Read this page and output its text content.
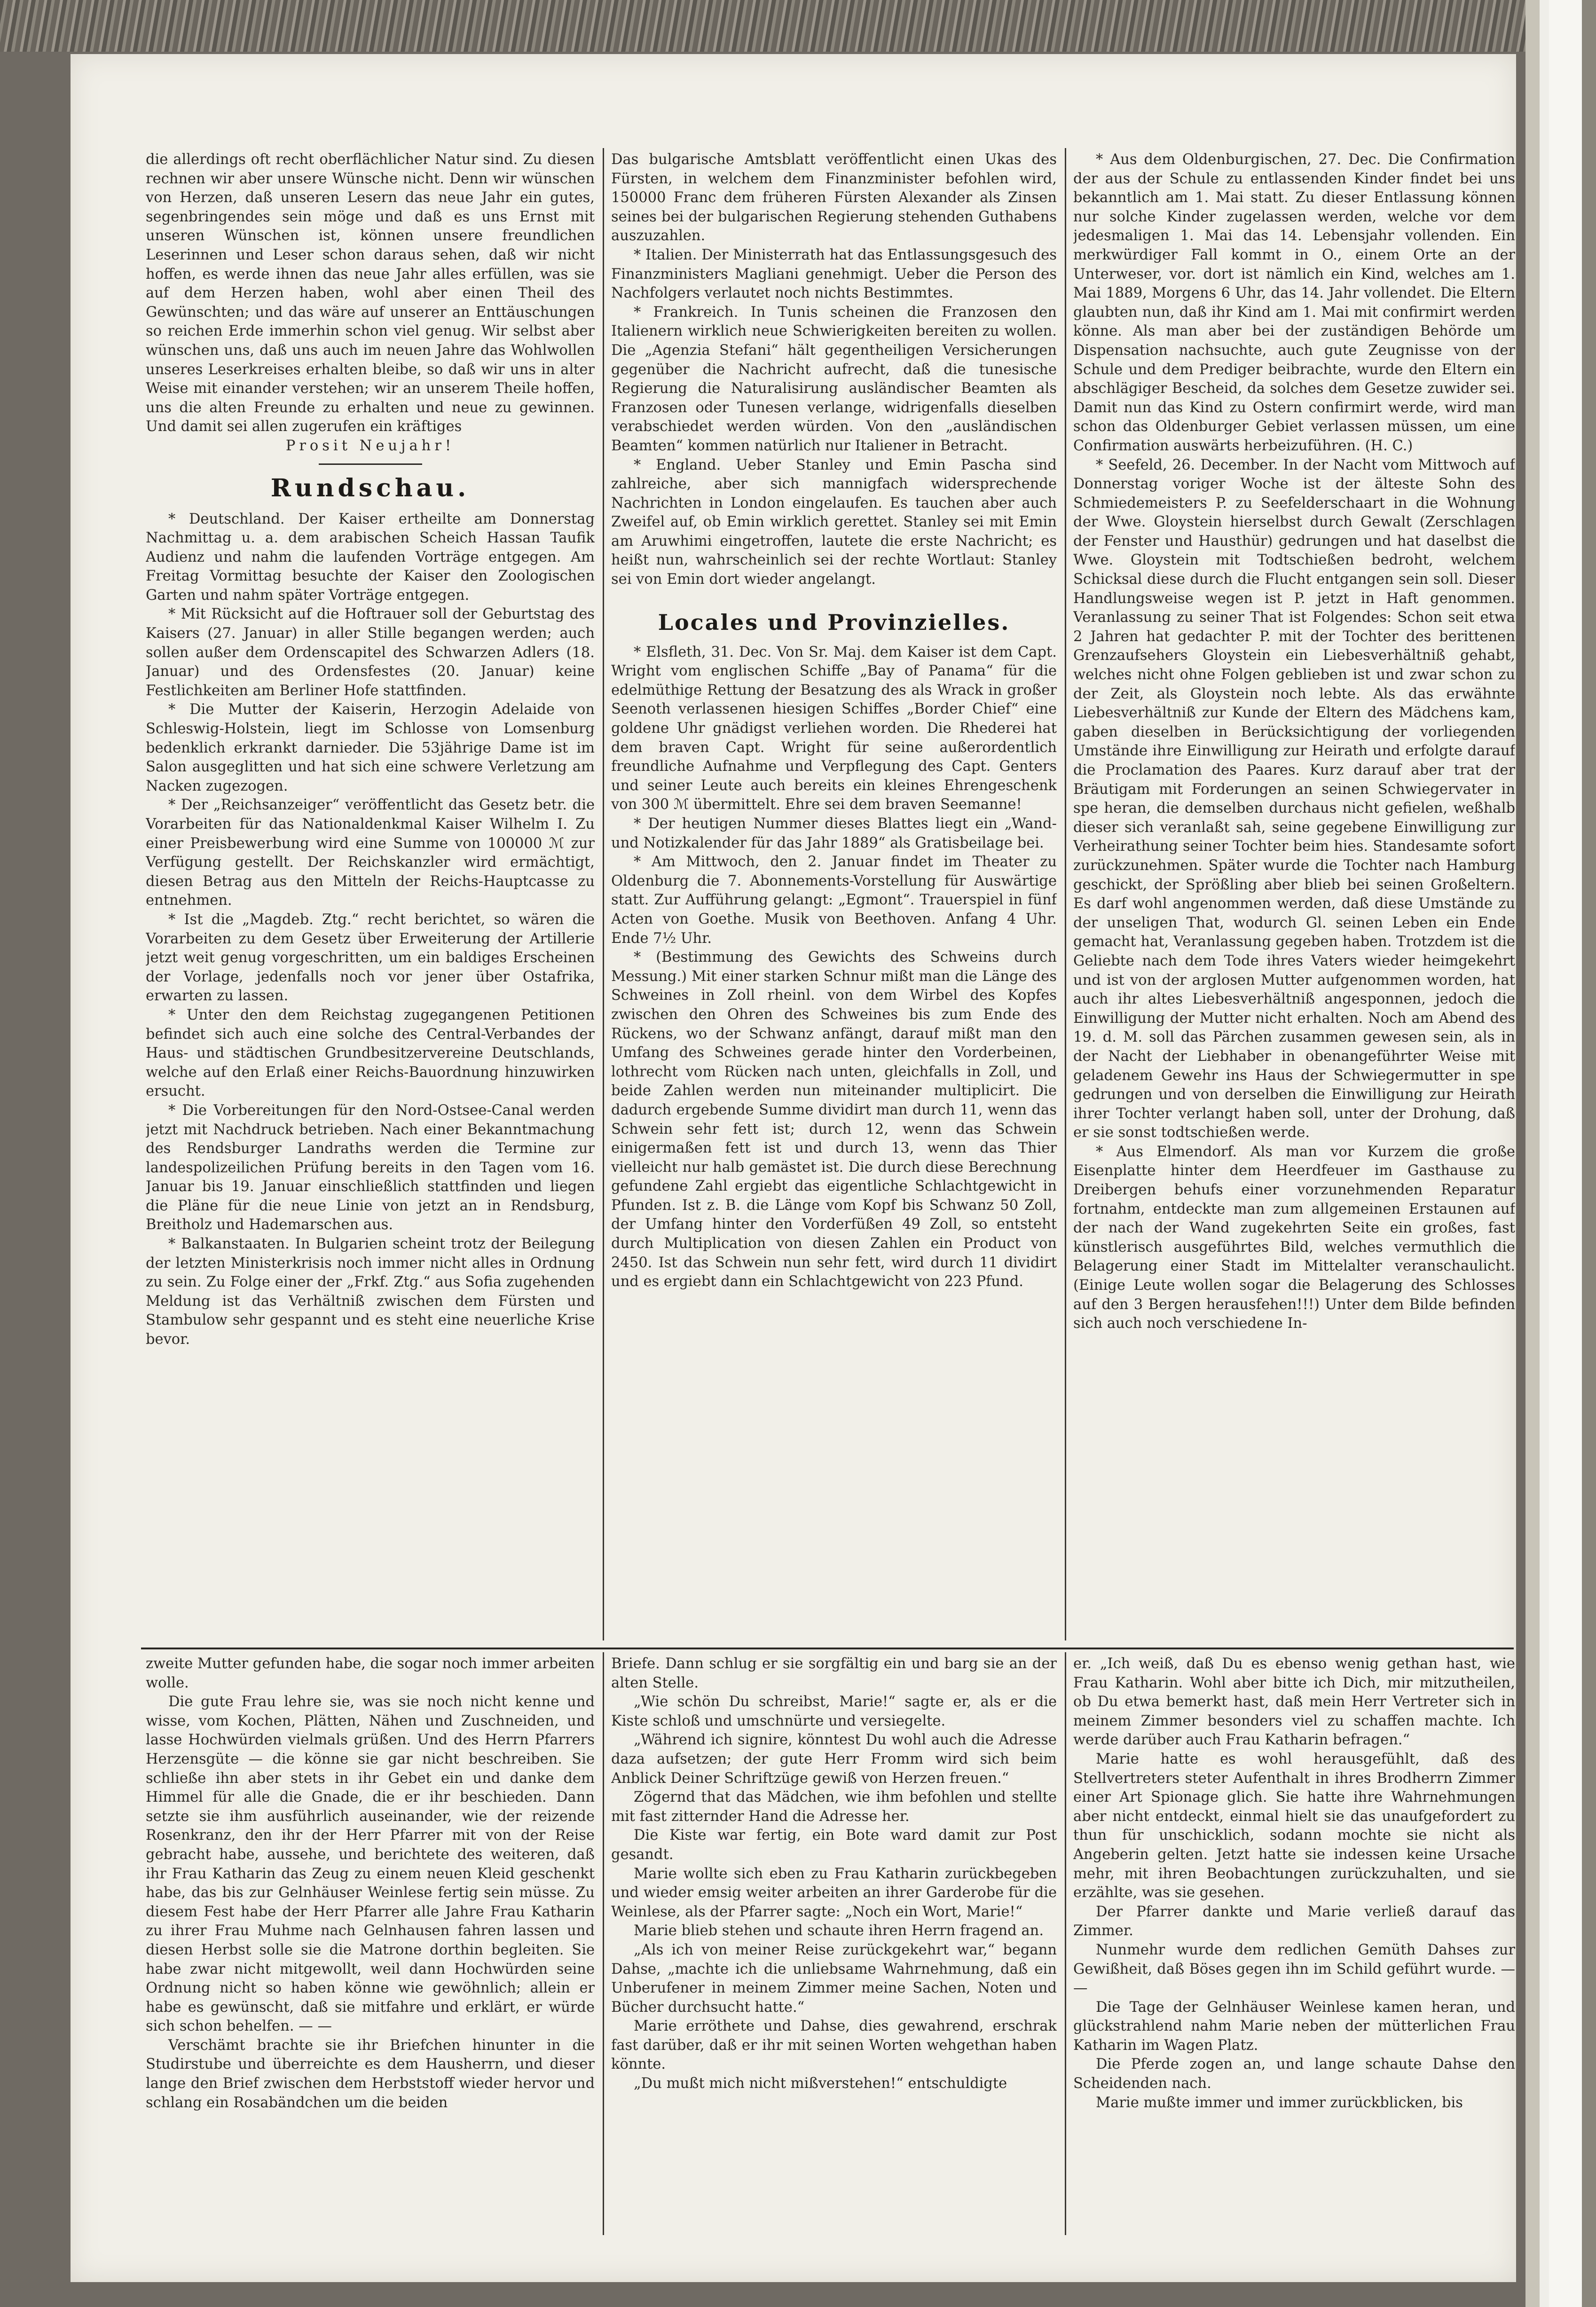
die allerdings oft recht oberflächlicher Natur sind. Zu diesen rechnen wir aber unsere Wünsche nicht. Denn wir wünschen von Herzen, daß unseren Lesern das neue Jahr ein gutes, segenbringendes sein möge und daß es uns Ernst mit unseren Wünschen ist, können unsere freundlichen Leserinnen und Leser schon daraus sehen, daß wir nicht hoffen, es werde ihnen das neue Jahr alles erfüllen, was sie auf dem Herzen haben, wohl aber einen Theil des Gewünschten; und das wäre auf unserer an Enttäuschungen so reichen Erde immerhin schon viel genug. Wir selbst aber wünschen uns, daß uns auch im neuen Jahre das Wohlwollen unseres Leserkreises erhalten bleibe, so daß wir uns in alter Weise mit einander verstehen; wir an unserem Theile hoffen, uns die alten Freunde zu erhalten und neue zu gewinnen. Und damit sei allen zugerufen ein kräftiges

Prosit Neujahr!

Rundschau.

* Deutschland. Der Kaiser ertheilte am Donnerstag Nachmittag u. a. dem arabischen Scheich Hassan Taufik Audienz und nahm die laufenden Vorträge entgegen. Am Freitag Vormittag besuchte der Kaiser den Zoologischen Garten und nahm später Vorträge entgegen.

* Mit Rücksicht auf die Hoftrauer soll der Geburtstag des Kaisers (27. Januar) in aller Stille begangen werden; auch sollen außer dem Ordenscapitel des Schwarzen Adlers (18. Januar) und des Ordensfestes (20. Januar) keine Festlichkeiten am Berliner Hofe stattfinden.

* Die Mutter der Kaiserin, Herzogin Adelaide von Schleswig-Holstein, liegt im Schlosse von Lomsenburg bedenklich erkrankt darnieder. Die 53jährige Dame ist im Salon ausgeglitten und hat sich eine schwere Verletzung am Nacken zugezogen.

* Der „Reichsanzeiger“ veröffentlicht das Gesetz betr. die Vorarbeiten für das Nationaldenkmal Kaiser Wilhelm I. Zu einer Preisbewerbung wird eine Summe von 100000 ℳ zur Verfügung gestellt. Der Reichskanzler wird ermächtigt, diesen Betrag aus den Mitteln der Reichs-Hauptcasse zu entnehmen.

* Ist die „Magdeb. Ztg.“ recht berichtet, so wären die Vorarbeiten zu dem Gesetz über Erweiterung der Artillerie jetzt weit genug vorgeschritten, um ein baldiges Erscheinen der Vorlage, jedenfalls noch vor jener über Ostafrika, erwarten zu lassen.

* Unter den dem Reichstag zugegangenen Petitionen befindet sich auch eine solche des Central-Verbandes der Haus- und städtischen Grundbesitzervereine Deutschlands, welche auf den Erlaß einer Reichs-Bauordnung hinzuwirken ersucht.

* Die Vorbereitungen für den Nord-Ostsee-Canal werden jetzt mit Nachdruck betrieben. Nach einer Bekanntmachung des Rendsburger Landraths werden die Termine zur landespolizeilichen Prüfung bereits in den Tagen vom 16. Januar bis 19. Januar einschließlich stattfinden und liegen die Pläne für die neue Linie von jetzt an in Rendsburg, Breitholz und Hademarschen aus.

* Balkanstaaten. In Bulgarien scheint trotz der Beilegung der letzten Ministerkrisis noch immer nicht alles in Ordnung zu sein. Zu Folge einer der „Frkf. Ztg.“ aus Sofia zugehenden Meldung ist das Verhältniß zwischen dem Fürsten und Stambulow sehr gespannt und es steht eine neuerliche Krise bevor.

Das bulgarische Amtsblatt veröffentlicht einen Ukas des Fürsten, in welchem dem Finanzminister befohlen wird, 150000 Franc dem früheren Fürsten Alexander als Zinsen seines bei der bulgarischen Regierung stehenden Guthabens auszuzahlen.

* Italien. Der Ministerrath hat das Entlassungsgesuch des Finanzministers Magliani genehmigt. Ueber die Person des Nachfolgers verlautet noch nichts Bestimmtes.

* Frankreich. In Tunis scheinen die Franzosen den Italienern wirklich neue Schwierigkeiten bereiten zu wollen. Die „Agenzia Stefani“ hält gegentheiligen Versicherungen gegenüber die Nachricht aufrecht, daß die tunesische Regierung die Naturalisirung ausländischer Beamten als Franzosen oder Tunesen verlange, widrigenfalls dieselben verabschiedet werden würden. Von den „ausländischen Beamten“ kommen natürlich nur Italiener in Betracht.

* England. Ueber Stanley und Emin Pascha sind zahlreiche, aber sich mannigfach widersprechende Nachrichten in London eingelaufen. Es tauchen aber auch Zweifel auf, ob Emin wirklich gerettet. Stanley sei mit Emin am Aruwhimi eingetroffen, lautete die erste Nachricht; es heißt nun, wahrscheinlich sei der rechte Wortlaut: Stanley sei von Emin dort wieder angelangt.

Locales und Provinzielles.

* Elsfleth, 31. Dec. Von Sr. Maj. dem Kaiser ist dem Capt. Wright vom englischen Schiffe „Bay of Panama“ für die edelmüthige Rettung der Besatzung des als Wrack in großer Seenoth verlassenen hiesigen Schiffes „Border Chief“ eine goldene Uhr gnädigst verliehen worden. Die Rhederei hat dem braven Capt. Wright für seine außerordentlich freundliche Aufnahme und Verpflegung des Capt. Genters und seiner Leute auch bereits ein kleines Ehrengeschenk von 300 ℳ übermittelt. Ehre sei dem braven Seemanne!

* Der heutigen Nummer dieses Blattes liegt ein „Wand- und Notizkalender für das Jahr 1889“ als Gratisbeilage bei.

* Am Mittwoch, den 2. Januar findet im Theater zu Oldenburg die 7. Abonnements-Vorstellung für Auswärtige statt. Zur Aufführung gelangt: „Egmont“. Trauerspiel in fünf Acten von Goethe. Musik von Beethoven. Anfang 4 Uhr. Ende 7½ Uhr.

* (Bestimmung des Gewichts des Schweins durch Messung.) Mit einer starken Schnur mißt man die Länge des Schweines in Zoll rheinl. von dem Wirbel des Kopfes zwischen den Ohren des Schweines bis zum Ende des Rückens, wo der Schwanz anfängt, darauf mißt man den Umfang des Schweines gerade hinter den Vorderbeinen, lothrecht vom Rücken nach unten, gleichfalls in Zoll, und beide Zahlen werden nun miteinander multiplicirt. Die dadurch ergebende Summe dividirt man durch 11, wenn das Schwein sehr fett ist; durch 12, wenn das Schwein einigermaßen fett ist und durch 13, wenn das Thier vielleicht nur halb gemästet ist. Die durch diese Berechnung gefundene Zahl ergiebt das eigentliche Schlachtgewicht in Pfunden. Ist z. B. die Länge vom Kopf bis Schwanz 50 Zoll, der Umfang hinter den Vorderfüßen 49 Zoll, so entsteht durch Multiplication von diesen Zahlen ein Product von 2450. Ist das Schwein nun sehr fett, wird durch 11 dividirt und es ergiebt dann ein Schlachtgewicht von 223 Pfund.

* Aus dem Oldenburgischen, 27. Dec. Die Confirmation der aus der Schule zu entlassenden Kinder findet bei uns bekanntlich am 1. Mai statt. Zu dieser Entlassung können nur solche Kinder zugelassen werden, welche vor dem jedesmaligen 1. Mai das 14. Lebensjahr vollenden. Ein merkwürdiger Fall kommt in O., einem Orte an der Unterweser, vor. dort ist nämlich ein Kind, welches am 1. Mai 1889, Morgens 6 Uhr, das 14. Jahr vollendet. Die Eltern glaubten nun, daß ihr Kind am 1. Mai mit confirmirt werden könne. Als man aber bei der zuständigen Behörde um Dispensation nachsuchte, auch gute Zeugnisse von der Schule und dem Prediger beibrachte, wurde den Eltern ein abschlägiger Bescheid, da solches dem Gesetze zuwider sei. Damit nun das Kind zu Ostern confirmirt werde, wird man schon das Oldenburger Gebiet verlassen müssen, um eine Confirmation auswärts herbeizuführen. (H. C.)

* Seefeld, 26. December. In der Nacht vom Mittwoch auf Donnerstag voriger Woche ist der älteste Sohn des Schmiedemeisters P. zu Seefelderschaart in die Wohnung der Wwe. Gloystein hierselbst durch Gewalt (Zerschlagen der Fenster und Hausthür) gedrungen und hat daselbst die Wwe. Gloystein mit Todtschießen bedroht, welchem Schicksal diese durch die Flucht entgangen sein soll. Dieser Handlungsweise wegen ist P. jetzt in Haft genommen. Veranlassung zu seiner That ist Folgendes: Schon seit etwa 2 Jahren hat gedachter P. mit der Tochter des berittenen Grenzaufsehers Gloystein ein Liebesverhältniß gehabt, welches nicht ohne Folgen geblieben ist und zwar schon zu der Zeit, als Gloystein noch lebte. Als das erwähnte Liebesverhältniß zur Kunde der Eltern des Mädchens kam, gaben dieselben in Berücksichtigung der vorliegenden Umstände ihre Einwilligung zur Heirath und erfolgte darauf die Proclamation des Paares. Kurz darauf aber trat der Bräutigam mit Forderungen an seinen Schwiegervater in spe heran, die demselben durchaus nicht gefielen, weßhalb dieser sich veranlaßt sah, seine gegebene Einwilligung zur Verheirathung seiner Tochter beim hies. Standesamte sofort zurückzunehmen. Später wurde die Tochter nach Hamburg geschickt, der Sprößling aber blieb bei seinen Großeltern. Es darf wohl angenommen werden, daß diese Umstände zu der unseligen That, wodurch Gl. seinen Leben ein Ende gemacht hat, Veranlassung gegeben haben. Trotzdem ist die Geliebte nach dem Tode ihres Vaters wieder heimgekehrt und ist von der arglosen Mutter aufgenommen worden, hat auch ihr altes Liebesverhältniß angesponnen, jedoch die Einwilligung der Mutter nicht erhalten. Noch am Abend des 19. d. M. soll das Pärchen zusammen gewesen sein, als in der Nacht der Liebhaber in obenangeführter Weise mit geladenem Gewehr ins Haus der Schwiegermutter in spe gedrungen und von derselben die Einwilligung zur Heirath ihrer Tochter verlangt haben soll, unter der Drohung, daß er sie sonst todtschießen werde.

* Aus Elmendorf. Als man vor Kurzem die große Eisenplatte hinter dem Heerdfeuer im Gasthause zu Dreibergen behufs einer vorzunehmenden Reparatur fortnahm, entdeckte man zum allgemeinen Erstaunen auf der nach der Wand zugekehrten Seite ein großes, fast künstlerisch ausgeführtes Bild, welches vermuthlich die Belagerung einer Stadt im Mittelalter veranschaulicht. (Einige Leute wollen sogar die Belagerung des Schlosses auf den 3 Bergen herausfehen!!!) Unter dem Bilde befinden sich auch noch verschiedene In-

zweite Mutter gefunden habe, die sogar noch immer arbeiten wolle.

Die gute Frau lehre sie, was sie noch nicht kenne und wisse, vom Kochen, Plätten, Nähen und Zuschneiden, und lasse Hochwürden vielmals grüßen. Und des Herrn Pfarrers Herzensgüte — die könne sie gar nicht beschreiben. Sie schließe ihn aber stets in ihr Gebet ein und danke dem Himmel für alle die Gnade, die er ihr beschieden. Dann setzte sie ihm ausführlich auseinander, wie der reizende Rosenkranz, den ihr der Herr Pfarrer mit von der Reise gebracht habe, aussehe, und berichtete des weiteren, daß ihr Frau Katharin das Zeug zu einem neuen Kleid geschenkt habe, das bis zur Gelnhäuser Weinlese fertig sein müsse. Zu diesem Fest habe der Herr Pfarrer alle Jahre Frau Katharin zu ihrer Frau Muhme nach Gelnhausen fahren lassen und diesen Herbst solle sie die Matrone dorthin begleiten. Sie habe zwar nicht mitgewollt, weil dann Hochwürden seine Ordnung nicht so haben könne wie gewöhnlich; allein er habe es gewünscht, daß sie mitfahre und erklärt, er würde sich schon behelfen. — —

Verschämt brachte sie ihr Briefchen hinunter in die Studirstube und überreichte es dem Hausherrn, und dieser lange den Brief zwischen dem Herbststoff wieder hervor und schlang ein Rosabändchen um die beiden

Briefe. Dann schlug er sie sorgfältig ein und barg sie an der alten Stelle.

„Wie schön Du schreibst, Marie!“ sagte er, als er die Kiste schloß und umschnürte und versiegelte.

„Während ich signire, könntest Du wohl auch die Adresse daza aufsetzen; der gute Herr Fromm wird sich beim Anblick Deiner Schriftzüge gewiß von Herzen freuen.“

Zögernd that das Mädchen, wie ihm befohlen und stellte mit fast zitternder Hand die Adresse her.

Die Kiste war fertig, ein Bote ward damit zur Post gesandt.

Marie wollte sich eben zu Frau Katharin zurückbegeben und wieder emsig weiter arbeiten an ihrer Garderobe für die Weinlese, als der Pfarrer sagte: „Noch ein Wort, Marie!“

Marie blieb stehen und schaute ihren Herrn fragend an.

„Als ich von meiner Reise zurückgekehrt war,“ begann Dahse, „machte ich die unliebsame Wahrnehmung, daß ein Unberufener in meinem Zimmer meine Sachen, Noten und Bücher durchsucht hatte.“

Marie erröthete und Dahse, dies gewahrend, erschrak fast darüber, daß er ihr mit seinen Worten wehgethan haben könnte.

„Du mußt mich nicht mißverstehen!“ entschuldigte

er. „Ich weiß, daß Du es ebenso wenig gethan hast, wie Frau Katharin. Wohl aber bitte ich Dich, mir mitzutheilen, ob Du etwa bemerkt hast, daß mein Herr Vertreter sich in meinem Zimmer besonders viel zu schaffen machte. Ich werde darüber auch Frau Katharin befragen.“

Marie hatte es wohl herausgefühlt, daß des Stellvertreters steter Aufenthalt in ihres Brodherrn Zimmer einer Art Spionage glich. Sie hatte ihre Wahrnehmungen aber nicht entdeckt, einmal hielt sie das unaufgefordert zu thun für unschicklich, sodann mochte sie nicht als Angeberin gelten. Jetzt hatte sie indessen keine Ursache mehr, mit ihren Beobachtungen zurückzuhalten, und sie erzählte, was sie gesehen.

Der Pfarrer dankte und Marie verließ darauf das Zimmer.

Nunmehr wurde dem redlichen Gemüth Dahses zur Gewißheit, daß Böses gegen ihn im Schild geführt wurde. — —

Die Tage der Gelnhäuser Weinlese kamen heran, und glückstrahlend nahm Marie neben der mütterlichen Frau Katharin im Wagen Platz.

Die Pferde zogen an, und lange schaute Dahse den Scheidenden nach.

Marie mußte immer und immer zurückblicken, bis
